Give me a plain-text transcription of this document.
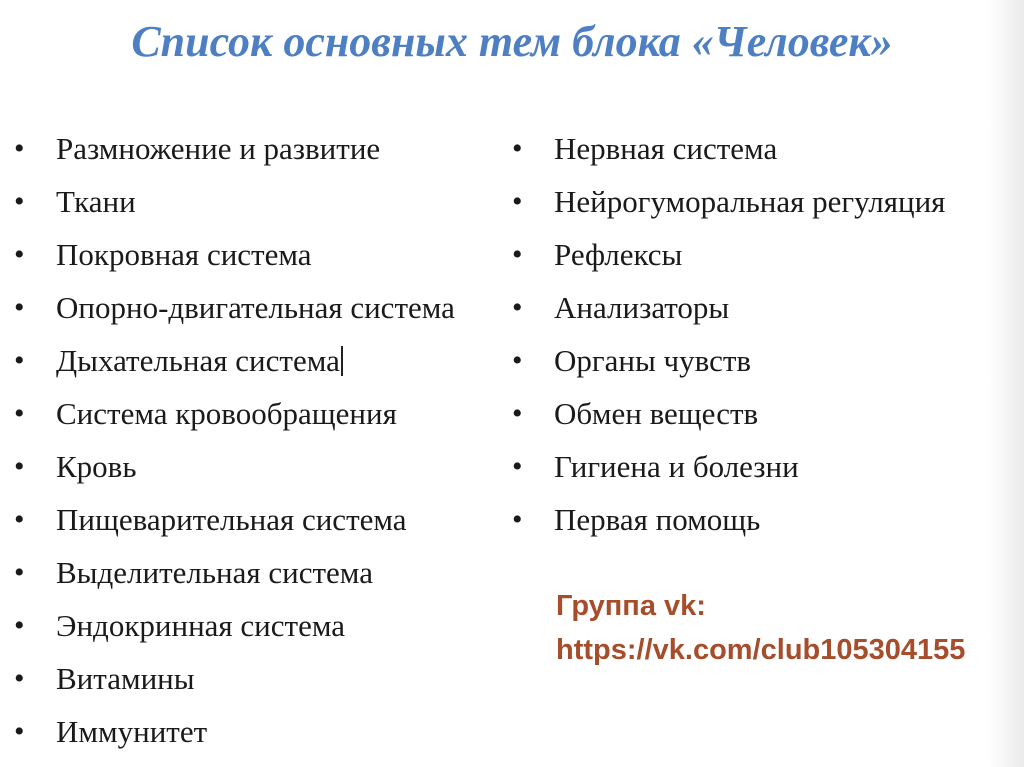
Список основных тем блока «Человек»
•	Размножение и развитие
•	Ткани
•	Покровная система
•	Опорно-двигательная система
•	Дыхательная система
•	Система кровообращения
•	Кровь
•	Пищеварительная система
•	Выделительная система
•	Эндокринная система
•	Витамины
•	Иммунитет
•	Нервная система
•	Нейрогуморальная регуляция
•	Рефлексы
•	Анализаторы
•	Органы чувств
•	Обмен веществ
•	Гигиена и болезни
•	Первая помощь
Группа vk:
https://vk.com/club105304155
